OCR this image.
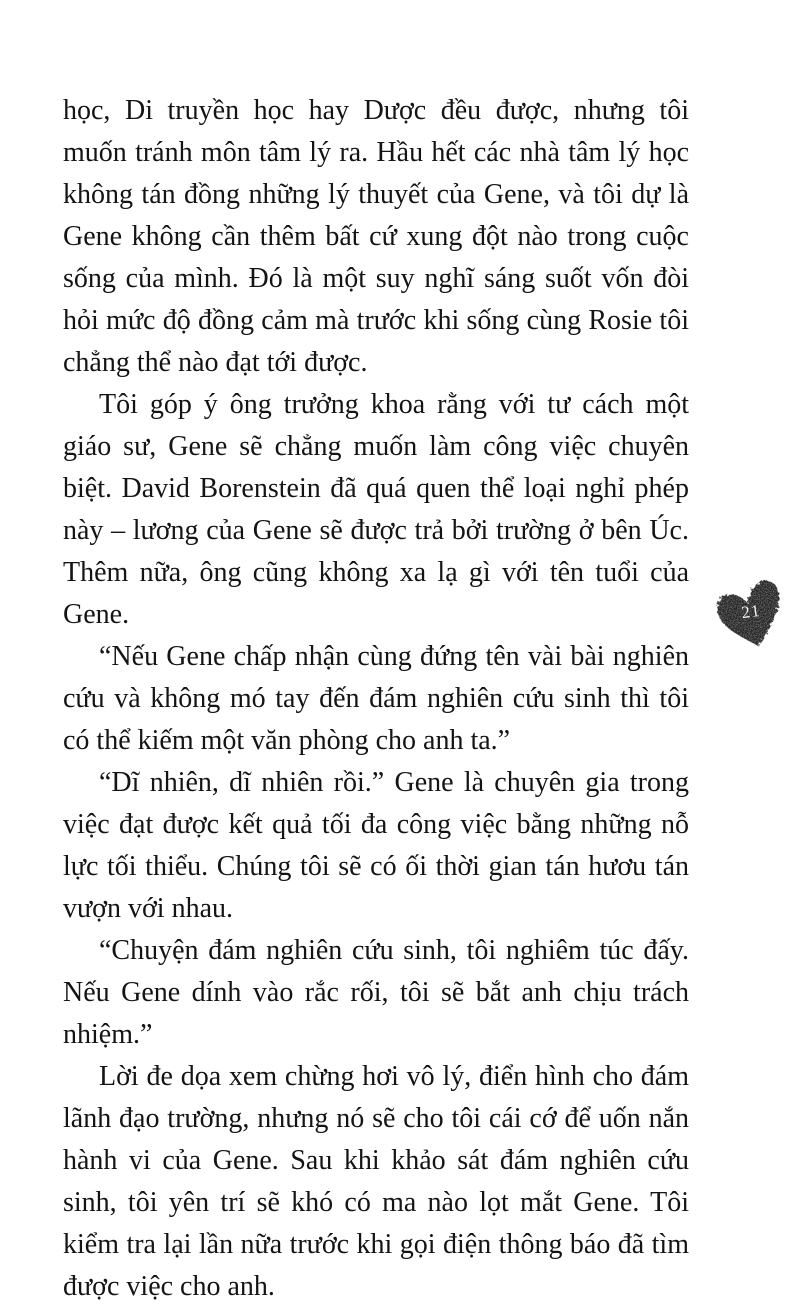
học, Di truyền học hay Dược đều được, nhưng tôi muốn tránh môn tâm lý ra. Hầu hết các nhà tâm lý học không tán đồng những lý thuyết của Gene, và tôi dự là Gene không cần thêm bất cứ xung đột nào trong cuộc sống của mình. Đó là một suy nghĩ sáng suốt vốn đòi hỏi mức độ đồng cảm mà trước khi sống cùng Rosie tôi chẳng thể nào đạt tới được.

Tôi góp ý ông trưởng khoa rằng với tư cách một giáo sư, Gene sẽ chẳng muốn làm công việc chuyên biệt. David Borenstein đã quá quen thể loại nghỉ phép này – lương của Gene sẽ được trả bởi trường ở bên Úc. Thêm nữa, ông cũng không xa lạ gì với tên tuổi của Gene.

“Nếu Gene chấp nhận cùng đứng tên vài bài nghiên cứu và không mó tay đến đám nghiên cứu sinh thì tôi có thể kiếm một văn phòng cho anh ta.”

“Dĩ nhiên, dĩ nhiên rồi.” Gene là chuyên gia trong việc đạt được kết quả tối đa công việc bằng những nỗ lực tối thiểu. Chúng tôi sẽ có ối thời gian tán hươu tán vượn với nhau.

“Chuyện đám nghiên cứu sinh, tôi nghiêm túc đấy. Nếu Gene dính vào rắc rối, tôi sẽ bắt anh chịu trách nhiệm.”

Lời đe dọa xem chừng hơi vô lý, điển hình cho đám lãnh đạo trường, nhưng nó sẽ cho tôi cái cớ để uốn nắn hành vi của Gene. Sau khi khảo sát đám nghiên cứu sinh, tôi yên trí sẽ khó có ma nào lọt mắt Gene. Tôi kiểm tra lại lần nữa trước khi gọi điện thông báo đã tìm được việc cho anh.

21
